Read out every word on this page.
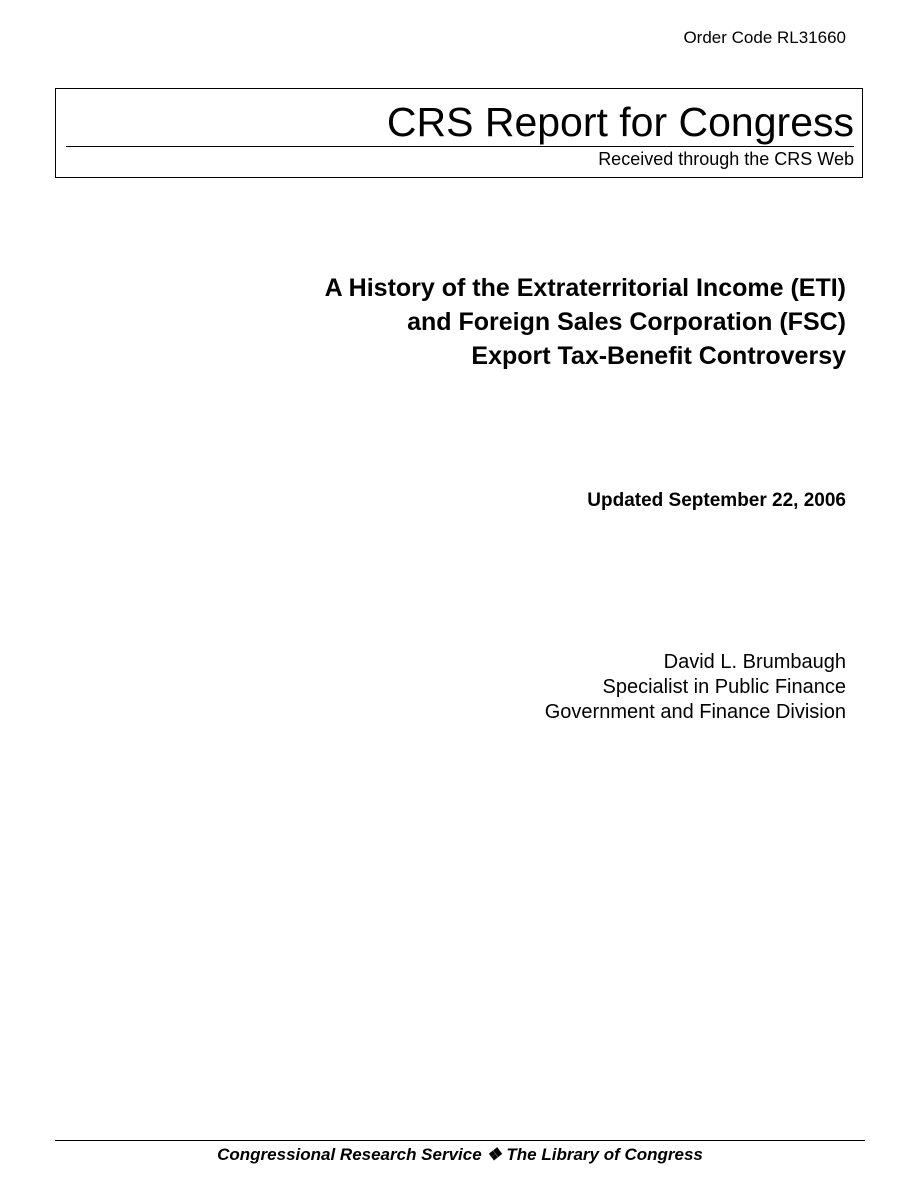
Order Code RL31660
CRS Report for Congress
Received through the CRS Web
A History of the Extraterritorial Income (ETI)
and Foreign Sales Corporation (FSC)
Export Tax-Benefit Controversy
Updated September 22, 2006
David L. Brumbaugh
Specialist in Public Finance
Government and Finance Division
Congressional Research Service ❖ The Library of Congress
